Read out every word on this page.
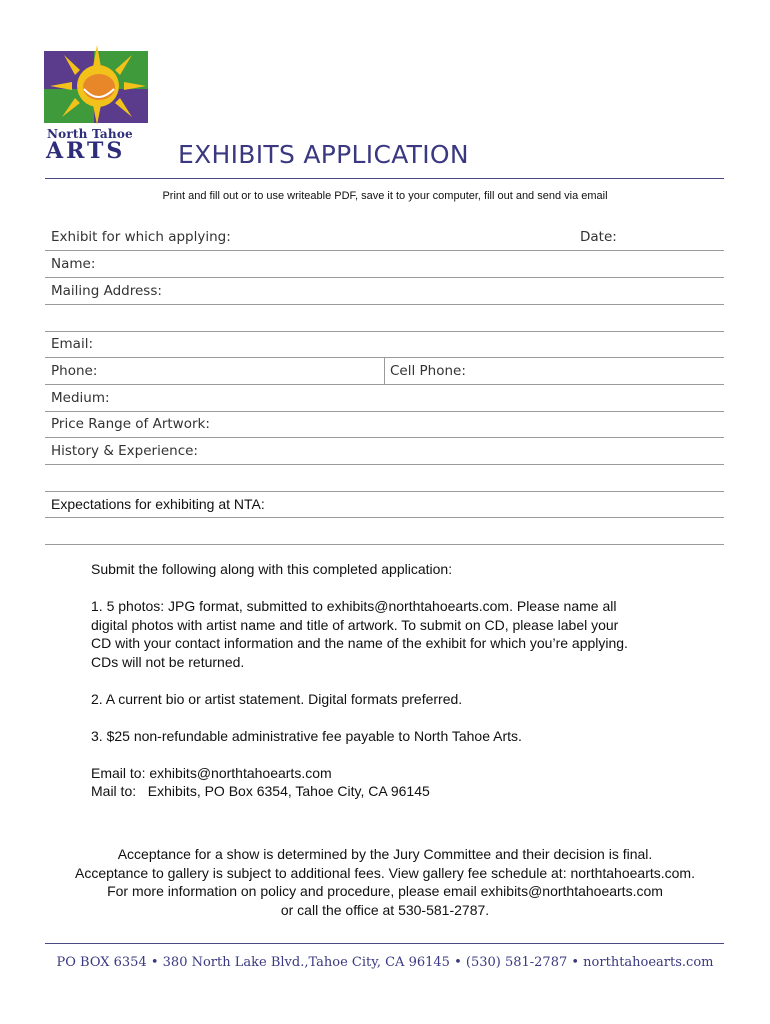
North Tahoe
ARTS EXHIBITS APPLICATION
Print and fill out or to use writeable PDF, save it to your computer, fill out and send via email
Exhibit for which applying:	Date:
Name:
Mailing Address:
Email:
Phone:	Cell Phone:
Medium:
Price Range of Artwork:
History & Experience:
Expectations for exhibiting at NTA:

Submit the following along with this completed application:

1. 5 photos: JPG format, submitted to exhibits@northtahoearts.com. Please name all

digital photos with artist name and title of artwork. To submit on CD, please label your

CD with your contact information and the name of the exhibit for which you’re applying.

CDs will not be returned.

2. A current bio or artist statement. Digital formats preferred.

3. $25 non-refundable administrative fee payable to North Tahoe Arts.

Email to: exhibits@northtahoearts.com

Mail to:   Exhibits, PO Box 6354, Tahoe City, CA 96145

Acceptance for a show is determined by the Jury Committee and their decision is final.

Acceptance to gallery is subject to additional fees. View gallery fee schedule at: northtahoearts.com.

For more information on policy and procedure, please email exhibits@northtahoearts.com

or call the office at 530-581-2787.

PO BOX 6354 • 380 North Lake Blvd.,Tahoe City, CA 96145 • (530) 581-2787 • northtahoearts.com
